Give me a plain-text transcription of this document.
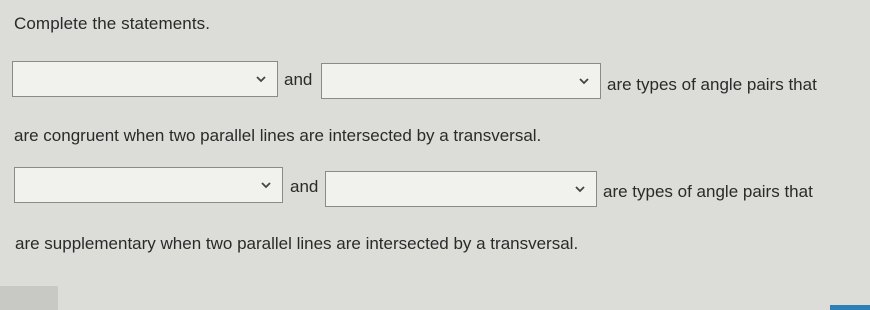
Complete the statements.
and	are types of angle pairs that
are congruent when two parallel lines are intersected by a transversal.
and	are types of angle pairs that
are supplementary when two parallel lines are intersected by a transversal.
